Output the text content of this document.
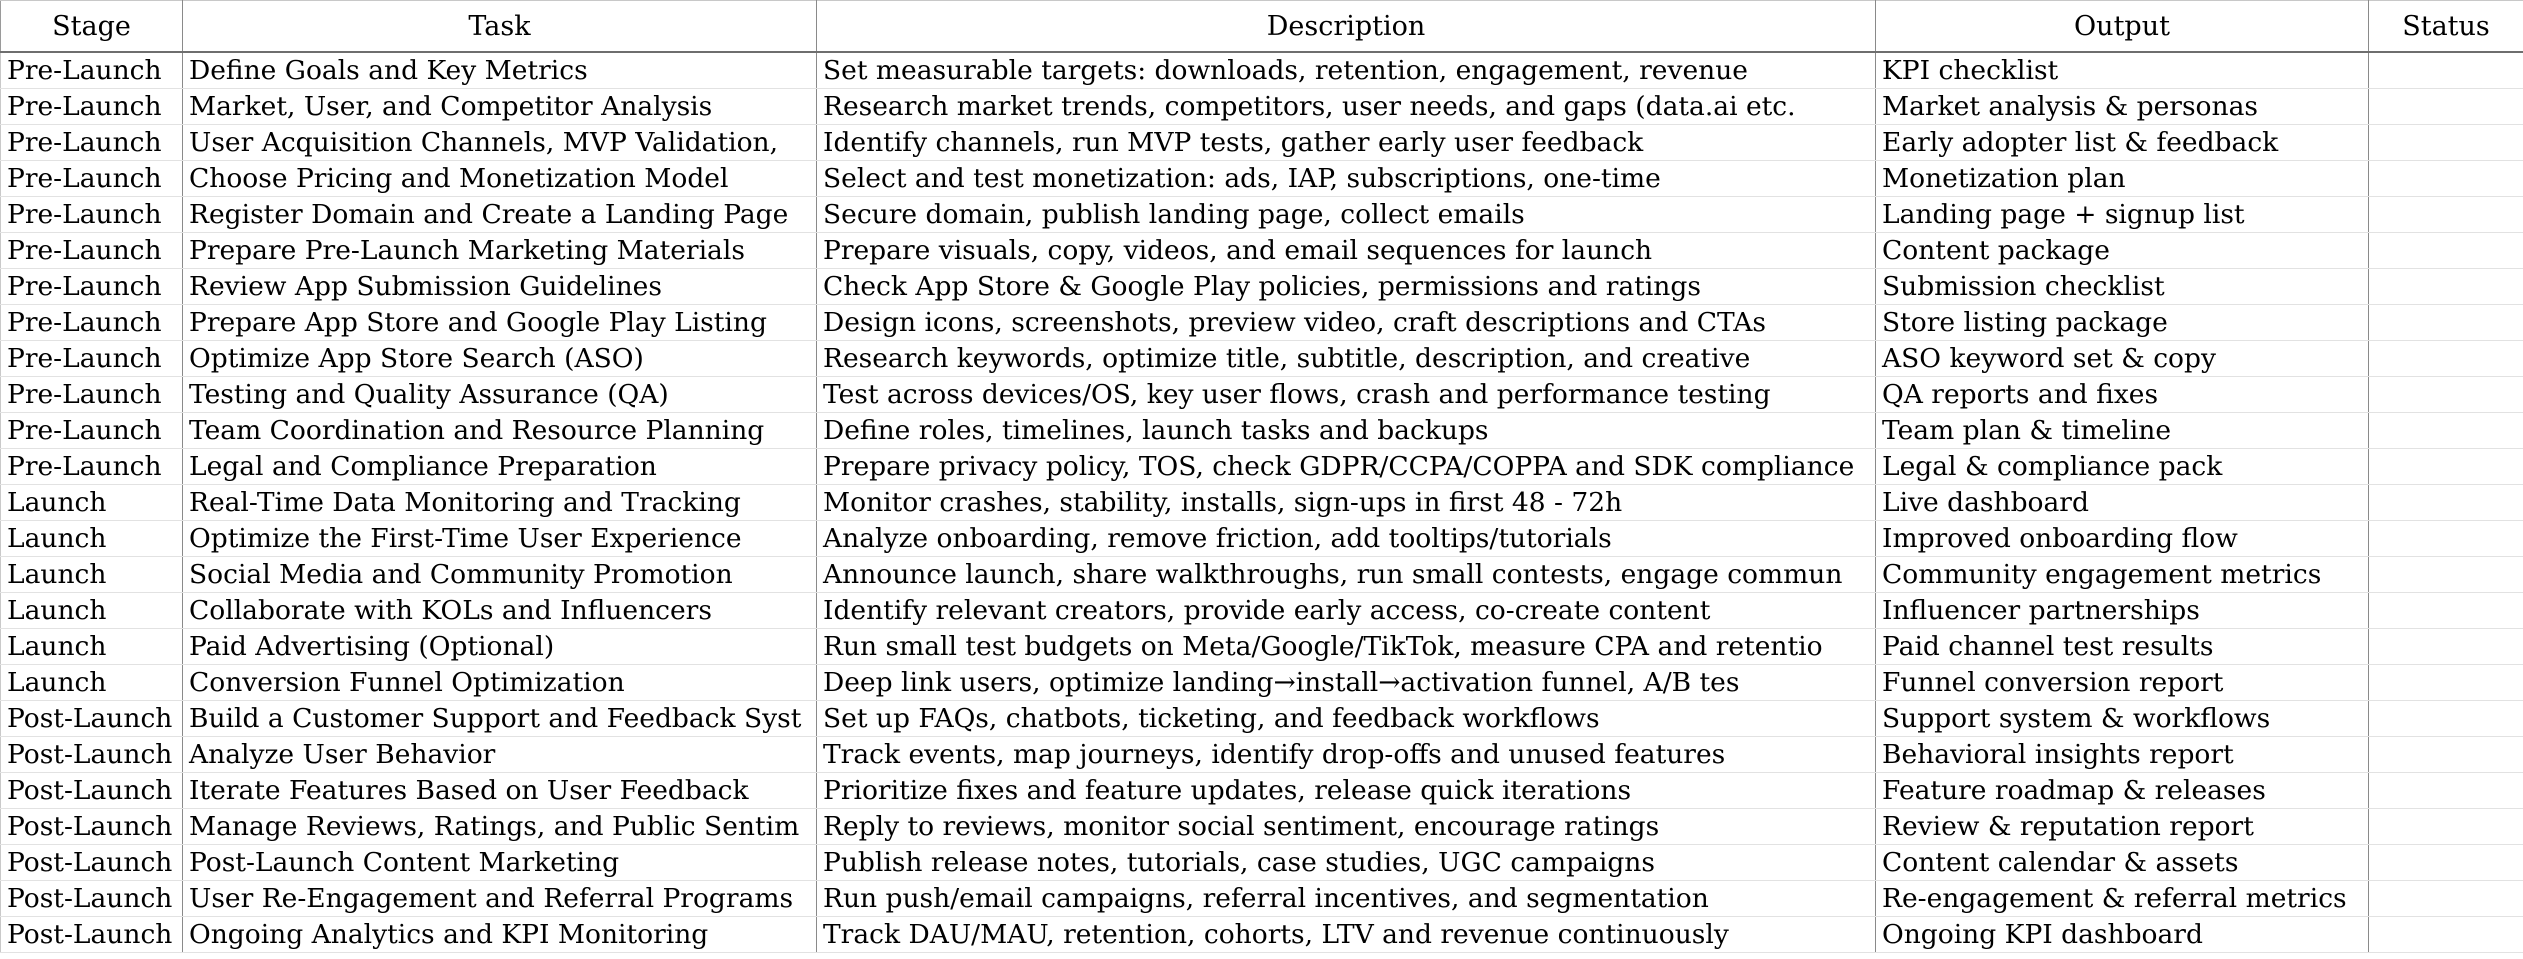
Stage	Task	Description	Output	Status
Pre-Launch	Define Goals and Key Metrics	Set measurable targets: downloads, retention, engagement, revenue	KPI checklist	
Pre-Launch	Market, User, and Competitor Analysis	Research market trends, competitors, user needs, and gaps (data.ai etc.	Market analysis & personas	
Pre-Launch	User Acquisition Channels, MVP Validation,	Identify channels, run MVP tests, gather early user feedback	Early adopter list & feedback	
Pre-Launch	Choose Pricing and Monetization Model	Select and test monetization: ads, IAP, subscriptions, one-time	Monetization plan	
Pre-Launch	Register Domain and Create a Landing Page	Secure domain, publish landing page, collect emails	Landing page + signup list	
Pre-Launch	Prepare Pre-Launch Marketing Materials	Prepare visuals, copy, videos, and email sequences for launch	Content package	
Pre-Launch	Review App Submission Guidelines	Check App Store & Google Play policies, permissions and ratings	Submission checklist	
Pre-Launch	Prepare App Store and Google Play Listing	Design icons, screenshots, preview video, craft descriptions and CTAs	Store listing package	
Pre-Launch	Optimize App Store Search (ASO)	Research keywords, optimize title, subtitle, description, and creative	ASO keyword set & copy	
Pre-Launch	Testing and Quality Assurance (QA)	Test across devices/OS, key user flows, crash and performance testing	QA reports and fixes	
Pre-Launch	Team Coordination and Resource Planning	Define roles, timelines, launch tasks and backups	Team plan & timeline	
Pre-Launch	Legal and Compliance Preparation	Prepare privacy policy, TOS, check GDPR/CCPA/COPPA and SDK compliance	Legal & compliance pack	
Launch	Real-Time Data Monitoring and Tracking	Monitor crashes, stability, installs, sign-ups in first 48 - 72h	Live dashboard	
Launch	Optimize the First-Time User Experience	Analyze onboarding, remove friction, add tooltips/tutorials	Improved onboarding flow	
Launch	Social Media and Community Promotion	Announce launch, share walkthroughs, run small contests, engage commun	Community engagement metrics	
Launch	Collaborate with KOLs and Influencers	Identify relevant creators, provide early access, co-create content	Influencer partnerships	
Launch	Paid Advertising (Optional)	Run small test budgets on Meta/Google/TikTok, measure CPA and retentio	Paid channel test results	
Launch	Conversion Funnel Optimization	Deep link users, optimize landing→install→activation funnel, A/B tes	Funnel conversion report	
Post-Launch	Build a Customer Support and Feedback Syst	Set up FAQs, chatbots, ticketing, and feedback workflows	Support system & workflows	
Post-Launch	Analyze User Behavior	Track events, map journeys, identify drop-offs and unused features	Behavioral insights report	
Post-Launch	Iterate Features Based on User Feedback	Prioritize fixes and feature updates, release quick iterations	Feature roadmap & releases	
Post-Launch	Manage Reviews, Ratings, and Public Sentim	Reply to reviews, monitor social sentiment, encourage ratings	Review & reputation report	
Post-Launch	Post-Launch Content Marketing	Publish release notes, tutorials, case studies, UGC campaigns	Content calendar & assets	
Post-Launch	User Re-Engagement and Referral Programs	Run push/email campaigns, referral incentives, and segmentation	Re-engagement & referral metrics	
Post-Launch	Ongoing Analytics and KPI Monitoring	Track DAU/MAU, retention, cohorts, LTV and revenue continuously	Ongoing KPI dashboard	
